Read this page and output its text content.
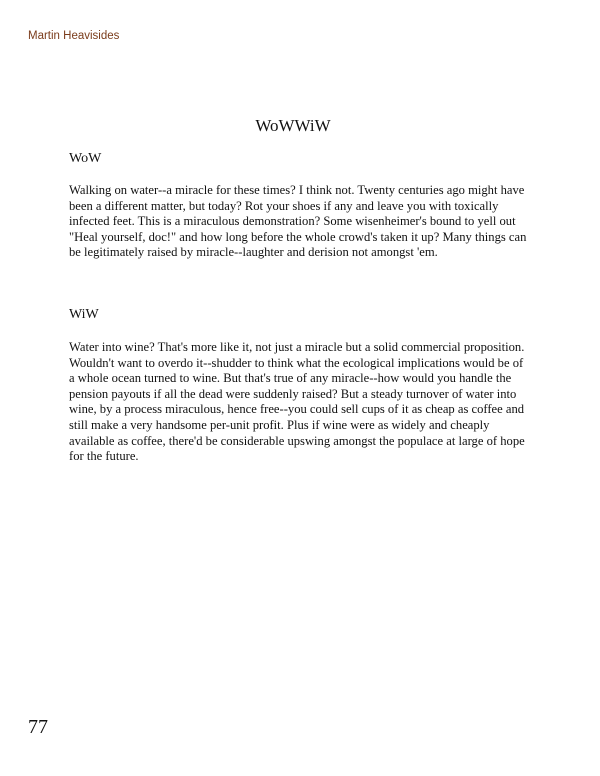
Martin Heavisides
WoWWiW
WoW
Walking on water--a miracle for these times? I think not. Twenty centuries ago might have been a different matter, but today? Rot your shoes if any and leave you with toxically infected feet. This is a miraculous demonstration? Some wisenheimer's bound to yell out "Heal yourself, doc!" and how long before the whole crowd's taken it up? Many things can be legitimately raised by miracle--laughter and derision not amongst 'em.
WiW
Water into wine? That's more like it, not just a miracle but a solid commercial proposition. Wouldn't want to overdo it--shudder to think what the ecological implications would be of a whole ocean turned to wine. But that's true of any miracle--how would you handle the pension payouts if all the dead were suddenly raised? But a steady turnover of water into wine, by a process miraculous, hence free--you could sell cups of it as cheap as coffee and still make a very handsome per-unit profit. Plus if wine were as widely and cheaply available as coffee, there'd be considerable upswing amongst the populace at large of hope for the future.
77
